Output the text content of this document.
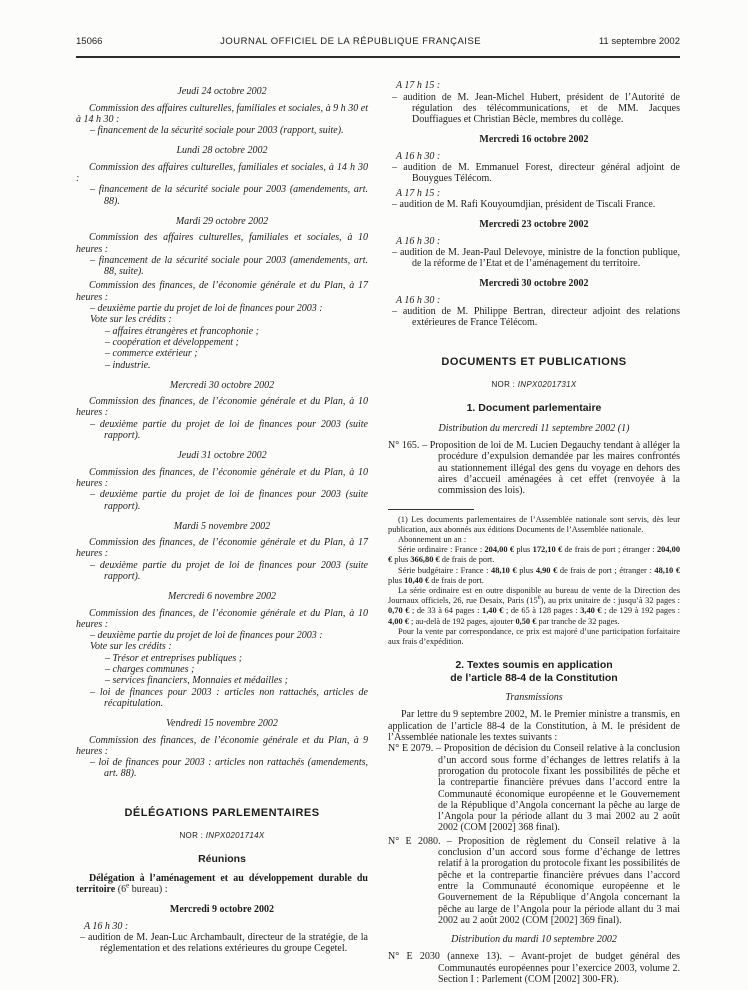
15066	JOURNAL OFFICIEL DE LA RÉPUBLIQUE FRANÇAISE	11 septembre 2002
Jeudi 24 octobre 2002
Commission des affaires culturelles, familiales et sociales, à 9 h 30 et à 14 h 30 :
– financement de la sécurité sociale pour 2003 (rapport, suite).
Lundi 28 octobre 2002
Commission des affaires culturelles, familiales et sociales, à 14 h 30 :
– financement de la sécurité sociale pour 2003 (amendements, art. 88).
Mardi 29 octobre 2002
Commission des affaires culturelles, familiales et sociales, à 10 heures :
– financement de la sécurité sociale pour 2003 (amendements, art. 88, suite).
Commission des finances, de l’économie générale et du Plan, à 17 heures :
– deuxième partie du projet de loi de finances pour 2003 :
Vote sur les crédits :
– affaires étrangères et francophonie ;
– coopération et développement ;
– commerce extérieur ;
– industrie.
Mercredi 30 octobre 2002
Commission des finances, de l’économie générale et du Plan, à 10 heures :
– deuxième partie du projet de loi de finances pour 2003 (suite rapport).
Jeudi 31 octobre 2002
Commission des finances, de l’économie générale et du Plan, à 10 heures :
– deuxième partie du projet de loi de finances pour 2003 (suite rapport).
Mardi 5 novembre 2002
Commission des finances, de l’économie générale et du Plan, à 17 heures :
– deuxième partie du projet de loi de finances pour 2003 (suite rapport).
Mercredi 6 novembre 2002
Commission des finances, de l’économie générale et du Plan, à 10 heures :
– deuxième partie du projet de loi de finances pour 2003 :
Vote sur les crédits :
– Trésor et entreprises publiques ;
– charges communes ;
– services financiers, Monnaies et médailles ;
– loi de finances pour 2003 : articles non rattachés, articles de récapitulation.
Vendredi 15 novembre 2002
Commission des finances, de l’économie générale et du Plan, à 9 heures :
– loi de finances pour 2003 : articles non rattachés (amendements, art. 88).
DÉLÉGATIONS PARLEMENTAIRES
NOR : INPX0201714X
Réunions
Délégation à l’aménagement et au développement durable du territoire (6e bureau) :
Mercredi 9 octobre 2002
A 16 h 30 :
– audition de M. Jean-Luc Archambault, directeur de la stratégie, de la réglementation et des relations extérieures du groupe Cegetel.
A 17 h 15 :
– audition de M. Jean-Michel Hubert, président de l’Autorité de régulation des télécommunications, et de MM. Jacques Douffiagues et Christian Bècle, membres du collège.
Mercredi 16 octobre 2002
A 16 h 30 :
– audition de M. Emmanuel Forest, directeur général adjoint de Bouygues Télécom.
A 17 h 15 :
– audition de M. Rafi Kouyoumdjian, président de Tiscali France.
Mercredi 23 octobre 2002
A 16 h 30 :
– audition de M. Jean-Paul Delevoye, ministre de la fonction publique, de la réforme de l’Etat et de l’aménagement du territoire.
Mercredi 30 octobre 2002
A 16 h 30 :
– audition de M. Philippe Bertran, directeur adjoint des relations extérieures de France Télécom.
DOCUMENTS ET PUBLICATIONS
NOR : INPX0201731X
1. Document parlementaire
Distribution du mercredi 11 septembre 2002 (1)
N° 165. – Proposition de loi de M. Lucien Degauchy tendant à alléger la procédure d’expulsion demandée par les maires confrontés au stationnement illégal des gens du voyage en dehors des aires d’accueil aménagées à cet effet (renvoyée à la commission des lois).
(1) Les documents parlementaires de l’Assemblée nationale sont servis, dès leur publication, aux abonnés aux éditions Documents de l’Assemblée nationale.
Abonnement un an :
Série ordinaire : France : 204,00 € plus 172,10 € de frais de port ; étranger : 204,00 € plus 366,80 € de frais de port.
Série budgétaire : France : 48,10 € plus 4,90 € de frais de port ; étranger : 48,10 € plus 10,40 € de frais de port.
La série ordinaire est en outre disponible au bureau de vente de la Direction des Journaux officiels, 26, rue Desaix, Paris (15e), au prix unitaire de : jusqu’à 32 pages : 0,70 € ; de 33 à 64 pages : 1,40 € ; de 65 à 128 pages : 3,40 € ; de 129 à 192 pages : 4,00 € ; au-delà de 192 pages, ajouter 0,50 € par tranche de 32 pages.
Pour la vente par correspondance, ce prix est majoré d’une participation forfaitaire aux frais d’expédition.
2. Textes soumis en application
de l’article 88-4 de la Constitution
Transmissions
Par lettre du 9 septembre 2002, M. le Premier ministre a transmis, en application de l’article 88-4 de la Constitution, à M. le président de l’Assemblée nationale les textes suivants :
N° E 2079. – Proposition de décision du Conseil relative à la conclusion d’un accord sous forme d’échanges de lettres relatifs à la prorogation du protocole fixant les possibilités de pêche et la contrepartie financière prévues dans l’accord entre la Communauté économique européenne et le Gouvernement de la République d’Angola concernant la pêche au large de l’Angola pour la période allant du 3 mai 2002 au 2 août 2002 (COM [2002] 368 final).
N° E 2080. – Proposition de règlement du Conseil relative à la conclusion d’un accord sous forme d’échange de lettres relatif à la prorogation du protocole fixant les possibilités de pêche et la contrepartie financière prévues dans l’accord entre la Communauté économique européenne et le Gouvernement de la République d’Angola concernant la pêche au large de l’Angola pour la période allant du 3 mai 2002 au 2 août 2002 (COM [2002] 369 final).
Distribution du mardi 10 septembre 2002
N° E 2030 (annexe 13). – Avant-projet de budget général des Communautés européennes pour l’exercice 2003, volume 2. Section I : Parlement (COM [2002] 300-FR).
